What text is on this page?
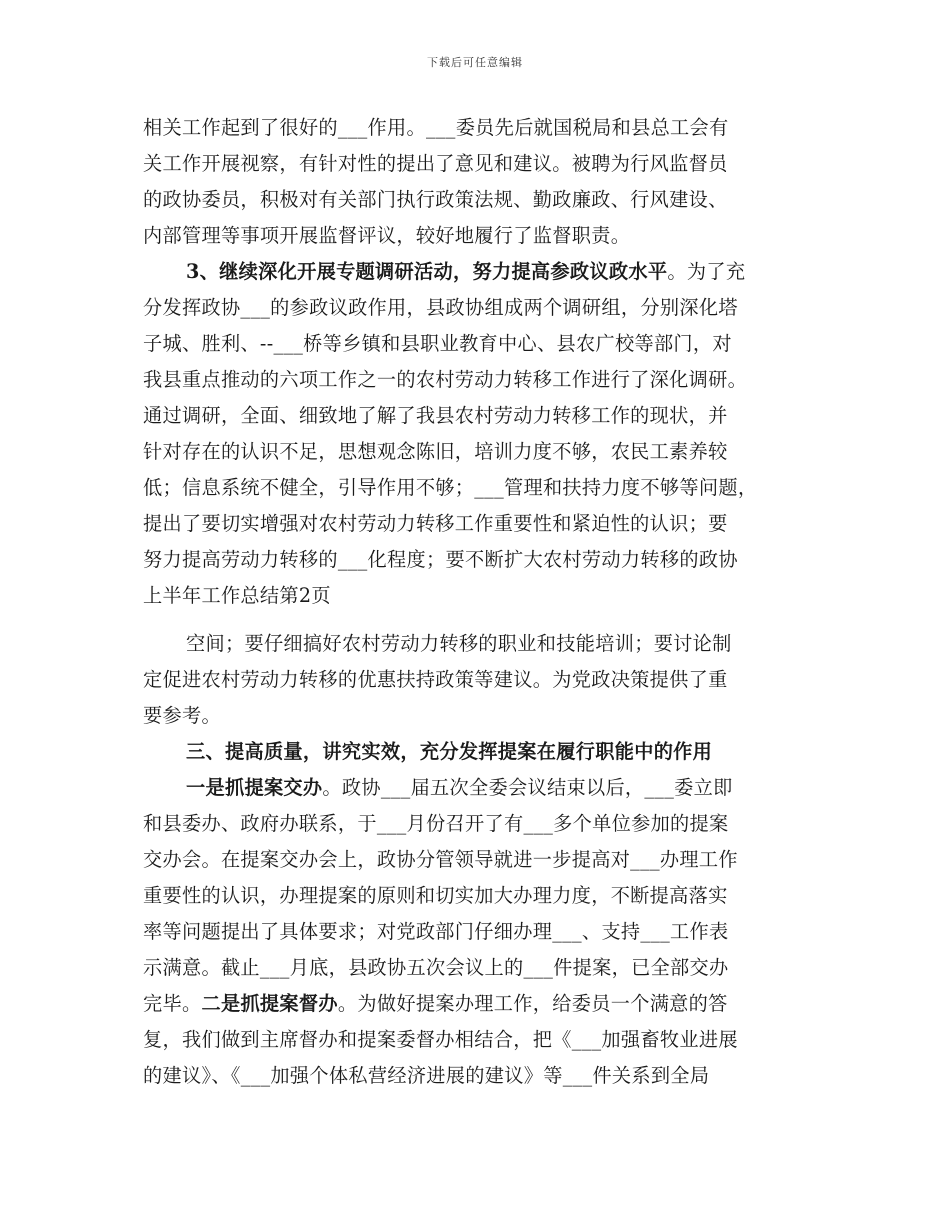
下载后可任意编辑
相关工作起到了很好的___作用。___委员先后就国税局和县总工会有
关工作开展视察，有针对性的提出了意见和建议。被聘为行风监督员
的政协委员，积极对有关部门执行政策法规、勤政廉政、行风建设、
内部管理等事项开展监督评议，较好地履行了监督职责。
3、继续深化开展专题调研活动，努力提高参政议政水平。为了充
分发挥政协___的参政议政作用，县政协组成两个调研组，分别深化塔
子城、胜利、--___桥等乡镇和县职业教育中心、县农广校等部门，对
我县重点推动的六项工作之一的农村劳动力转移工作进行了深化调研。
通过调研，全面、细致地了解了我县农村劳动力转移工作的现状，并
针对存在的认识不足，思想观念陈旧，培训力度不够，农民工素养较
低；信息系统不健全，引导作用不够；___管理和扶持力度不够等问题，
提出了要切实增强对农村劳动力转移工作重要性和紧迫性的认识；要
努力提高劳动力转移的___化程度；要不断扩大农村劳动力转移的政协
上半年工作总结第2页
空间；要仔细搞好农村劳动力转移的职业和技能培训；要讨论制
定促进农村劳动力转移的优惠扶持政策等建议。为党政决策提供了重
要参考。
三、提高质量，讲究实效，充分发挥提案在履行职能中的作用
一是抓提案交办。政协___届五次全委会议结束以后，___委立即
和县委办、政府办联系，于___月份召开了有___多个单位参加的提案
交办会。在提案交办会上，政协分管领导就进一步提高对___办理工作
重要性的认识，办理提案的原则和切实加大办理力度，不断提高落实
率等问题提出了具体要求；对党政部门仔细办理___、支持___工作表
示满意。截止___月底，县政协五次会议上的___件提案，已全部交办
完毕。二是抓提案督办。为做好提案办理工作，给委员一个满意的答
复，我们做到主席督办和提案委督办相结合，把《___加强畜牧业进展
的建议》、《___加强个体私营经济进展的建议》等___件关系到全局
